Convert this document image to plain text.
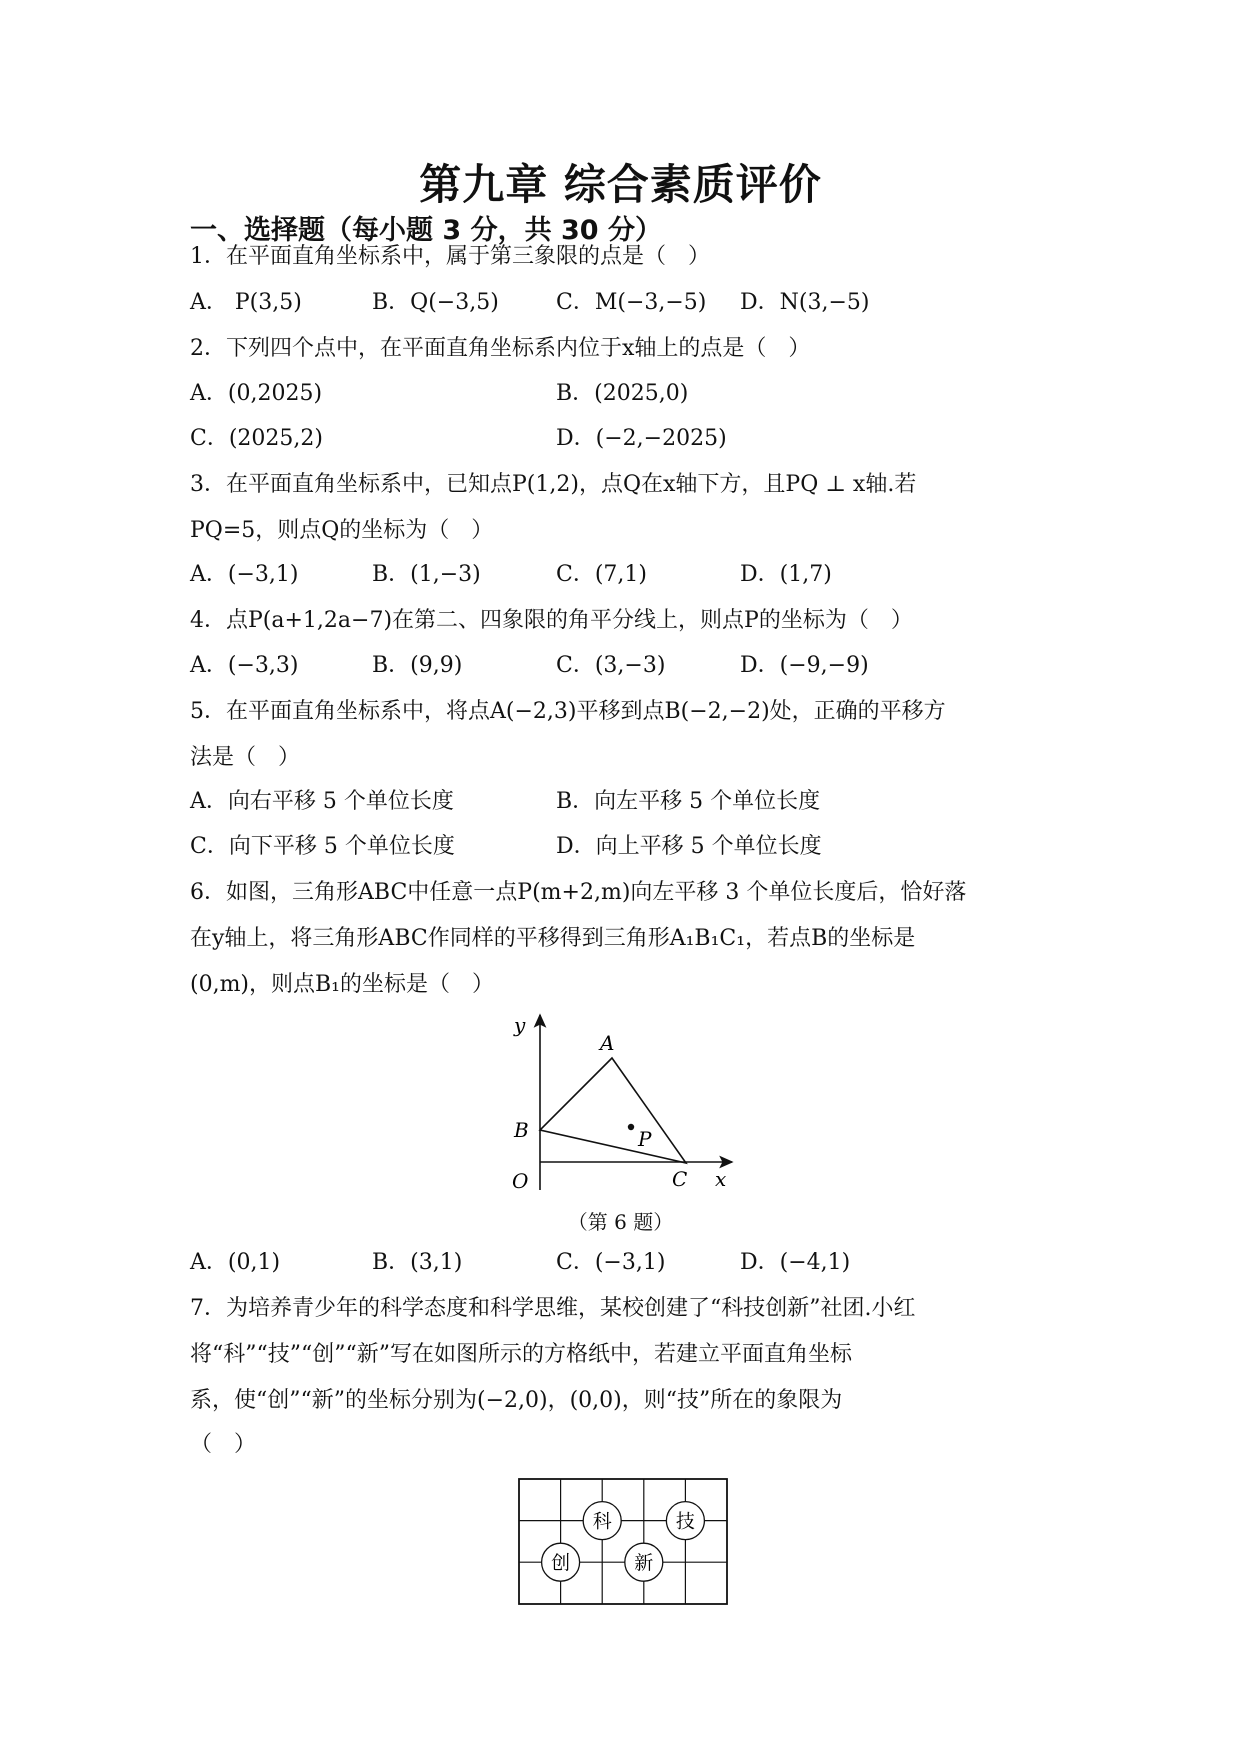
第九章 综合素质评价
一、选择题（每小题 3 分，共 30 分）
1．在平面直角坐标系中，属于第三象限的点是（　）
A． P(3,5)	B．Q(−3,5)	C．M(−3,−5) D．N(3,−5)
2．下列四个点中，在平面直角坐标系内位于x轴上的点是（　）
A．(0,2025)	B．(2025,0)
C．(2025,2)	D．(−2,−2025)
3．在平面直角坐标系中，已知点P(1,2)，点Q在x轴下方，且PQ ⊥ x轴.若
PQ=5，则点Q的坐标为（　）
A．(−3,1)	B．(1,−3)	C．(7,1)	D．(1,7)
4．点P(a+1,2a−7)在第二、四象限的角平分线上，则点P的坐标为（　）
A．(−3,3)	B．(9,9)	C．(3,−3)	D．(−9,−9)
5．在平面直角坐标系中，将点A(−2,3)平移到点B(−2,−2)处，正确的平移方
法是（　）
A．向右平移 5 个单位长度	B．向左平移 5 个单位长度
C．向下平移 5 个单位长度	D．向上平移 5 个单位长度
6．如图，三角形ABC中任意一点P(m+2,m)向左平移 3 个单位长度后，恰好落
在y轴上，将三角形ABC作同样的平移得到三角形A₁B₁C₁，若点B的坐标是
(0,m)，则点B₁的坐标是（　）
y
A
B	P
O	C x
（第 6 题）
A．(0,1)	B．(3,1)	C．(−3,1)	D．(−4,1)
7．为培养青少年的科学态度和科学思维，某校创建了“科技创新”社团.小红
将“科”“技”“创”“新”写在如图所示的方格纸中，若建立平面直角坐标
系，使“创”“新”的坐标分别为(−2,0)，(0,0)，则“技”所在的象限为
（　）
科	技
创	新
